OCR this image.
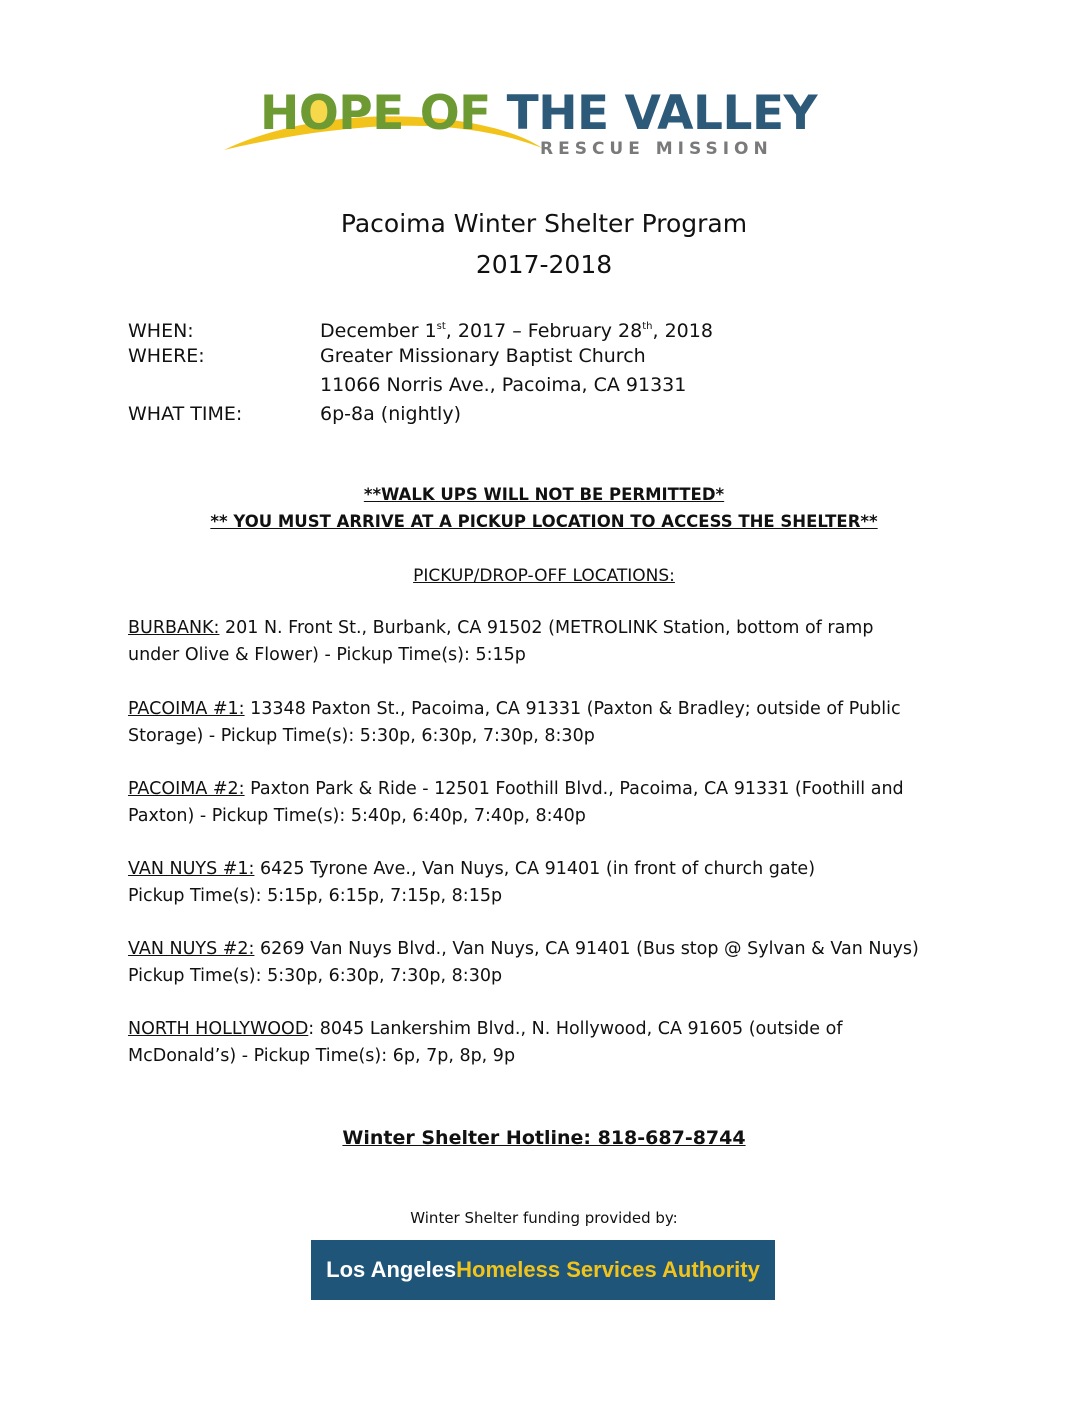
HOPE OF THE VALLEY
RESCUE MISSION
Pacoima Winter Shelter Program
2017-2018
WHEN:	December 1st, 2017 – February 28th, 2018
WHERE:	Greater Missionary Baptist Church
11066 Norris Ave., Pacoima, CA 91331
WHAT TIME:	6p-8a (nightly)
**WALK UPS WILL NOT BE PERMITTED*
** YOU MUST ARRIVE AT A PICKUP LOCATION TO ACCESS THE SHELTER**
PICKUP/DROP-OFF LOCATIONS:
BURBANK: 201 N. Front St., Burbank, CA 91502 (METROLINK Station, bottom of ramp
under Olive & Flower) - Pickup Time(s): 5:15p
PACOIMA #1: 13348 Paxton St., Pacoima, CA 91331 (Paxton & Bradley; outside of Public
Storage) - Pickup Time(s): 5:30p, 6:30p, 7:30p, 8:30p
PACOIMA #2: Paxton Park & Ride - 12501 Foothill Blvd., Pacoima, CA 91331 (Foothill and
Paxton) - Pickup Time(s): 5:40p, 6:40p, 7:40p, 8:40p
VAN NUYS #1: 6425 Tyrone Ave., Van Nuys, CA 91401 (in front of church gate)
Pickup Time(s): 5:15p, 6:15p, 7:15p, 8:15p
VAN NUYS #2: 6269 Van Nuys Blvd., Van Nuys, CA 91401 (Bus stop @ Sylvan & Van Nuys)
Pickup Time(s): 5:30p, 6:30p, 7:30p, 8:30p
NORTH HOLLYWOOD: 8045 Lankershim Blvd., N. Hollywood, CA 91605 (outside of
McDonald’s) - Pickup Time(s): 6p, 7p, 8p, 9p
Winter Shelter Hotline: 818-687-8744
Winter Shelter funding provided by:
Los Angeles Homeless Services Authority
